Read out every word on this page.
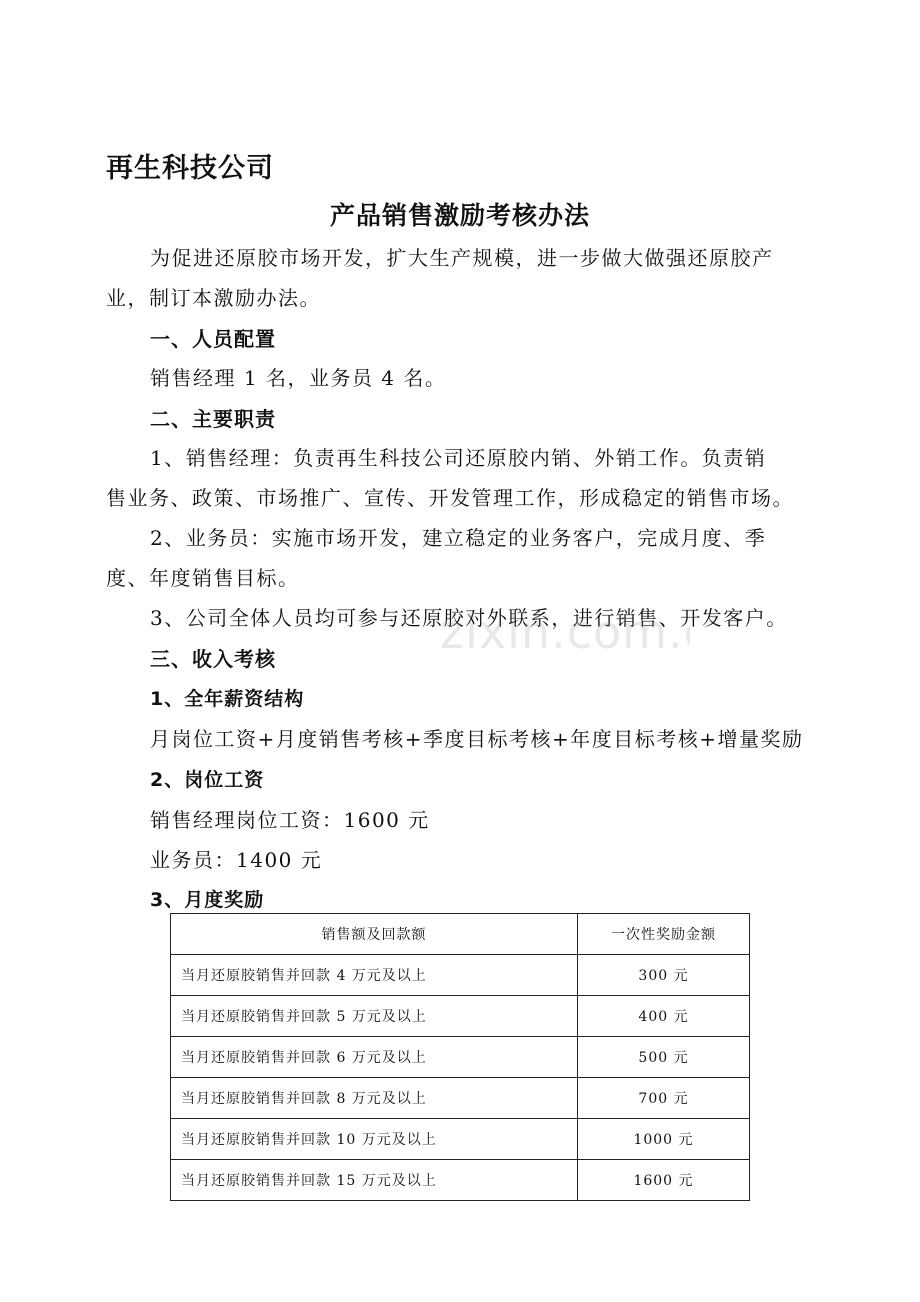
再生科技公司
产品销售激励考核办法
为促进还原胶市场开发，扩大生产规模，进一步做大做强还原胶产
业，制订本激励办法。
一、人员配置
销售经理 1 名，业务员 4 名。
二、主要职责
1、销售经理：负责再生科技公司还原胶内销、外销工作。负责销
售业务、政策、市场推广、宣传、开发管理工作，形成稳定的销售市场。
2、业务员：实施市场开发，建立稳定的业务客户，完成月度、季
度、年度销售目标。
3、公司全体人员均可参与还原胶对外联系，进行销售、开发客户。
zixin.com.
三、收入考核
1、全年薪资结构
月岗位工资+月度销售考核+季度目标考核+年度目标考核+增量奖励
2、岗位工资
销售经理岗位工资：1600 元
业务员：1400 元
3、月度奖励
销售额及回款额	一次性奖励金额
当月还原胶销售并回款 4 万元及以上	300 元
当月还原胶销售并回款 5 万元及以上	400 元
当月还原胶销售并回款 6 万元及以上	500 元
当月还原胶销售并回款 8 万元及以上	700 元
当月还原胶销售并回款 10 万元及以上	1000 元
当月还原胶销售并回款 15 万元及以上	1600 元
